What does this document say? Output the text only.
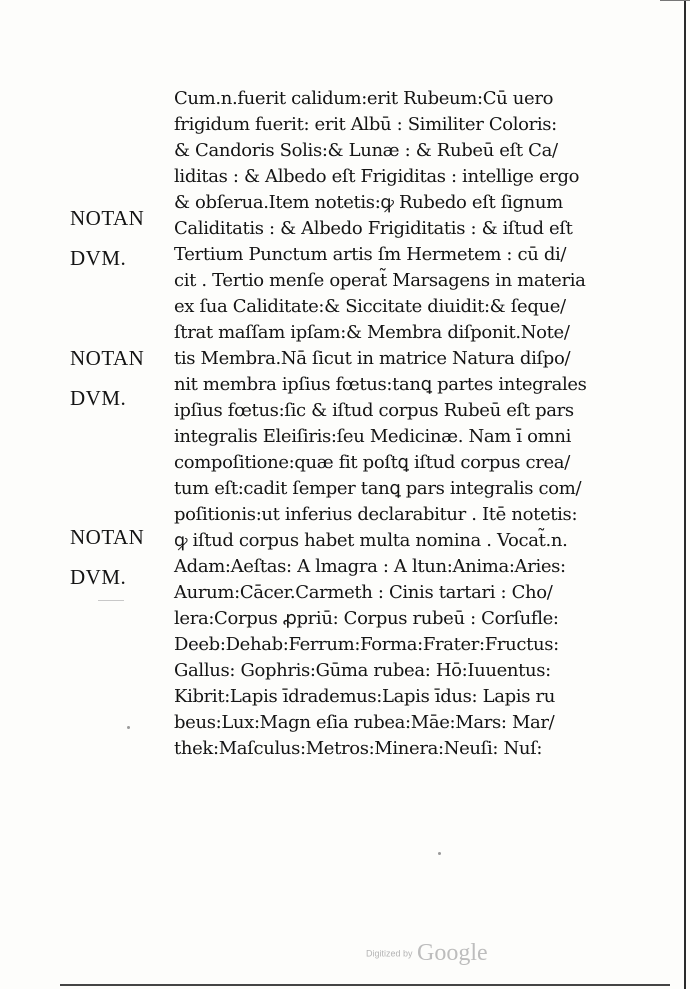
NOTAN
DVM.
NOTAN
DVM.
NOTAN
DVM.
Cum.n.fuerit calidum:erit Rubeum:Cū uero
frigidum fuerit: erit Albū : Similiter Coloris:
& Candoris Solis:& Lunæ : & Rubeū eſt Ca/
liditas : & Albedo eſt Frigiditas : intellige ergo
& obſerua.Item notetis:ꝙ Rubedo eſt ſignum
Caliditatis : & Albedo Frigiditatis : & iſtud eſt
Tertium Punctum artis ſm Hermetem : cū di/
cit . Tertio menſe operat̃ Marsagens in materia
ex ſua Caliditate:& Siccitate diuidit:& ſeque/
ſtrat maſſam ipſam:& Membra diſponit.Note/
tis Membra.Nā ſicut in matrice Natura diſpo/
nit membra ipſius fœtus:tanꝗ partes integrales
ipſius fœtus:ſic & iſtud corpus Rubeū eſt pars
integralis Eleiſiris:ſeu Medicinæ. Nam ī omni
compoſitione:quæ fit poſtꝗ iſtud corpus crea/
tum eſt:cadit ſemper tanꝗ pars integralis com/
poſitionis:ut inferius declarabitur . Itē notetis:
ꝙ iſtud corpus habet multa nomina . Vocat̃.n.
Adam:Aeſtas: A lmagra : A ltun:Anima:Aries:
Aurum:Cācer.Carmeth : Cinis tartari : Cho/
lera:Corpus ꝓpriū: Corpus rubeū : Corſufle:
Deeb:Dehab:Ferrum:Forma:Frater:Fructus:
Gallus: Gophris:Gūma rubea: Hō:Iuuentus:
Kibrit:Lapis īdrademus:Lapis īdus: Lapis ru
beus:Lux:Magn eſia rubea:Māe:Mars: Mar/
thek:Maſculus:Metros:Minera:Neuſi: Nuſ:
Digitized by Google
